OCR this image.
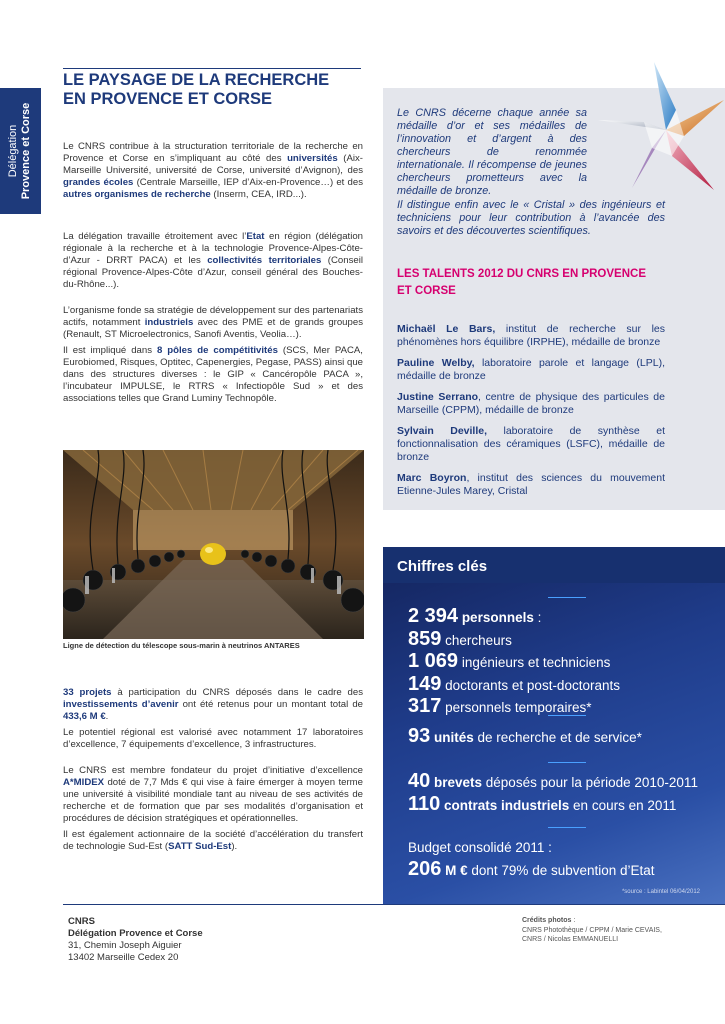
Délégation Provence et Corse
LE PAYSAGE DE LA RECHERCHE
EN PROVENCE ET CORSE

Le CNRS contribue à la structuration territoriale de la recherche en Provence et Corse en s’impliquant au côté des universités (Aix-Marseille Université, université de Corse, université d’Avignon), des grandes écoles (Centrale Marseille, IEP d’Aix-en-Provence…) et des autres organismes de recherche (Inserm, CEA, IRD...).

La délégation travaille étroitement avec l’Etat en région (délégation régionale à la recherche et à la technologie Provence-Alpes-Côte-d’Azur - DRRT PACA) et les collectivités territoriales (Conseil régional Provence-Alpes-Côte d’Azur, conseil général des Bouches-du-Rhône...).

L’organisme fonde sa stratégie de développement sur des partenariats actifs, notamment industriels avec des PME et de grands groupes (Renault, ST Microelectronics, Sanofi Aventis, Veolia…).

Il est impliqué dans 8 pôles de compétitivités (SCS, Mer PACA, Eurobiomed, Risques, Optitec, Capenergies, Pegase, PASS) ainsi que dans des structures diverses : le GIP « Cancéropôle PACA », l’incubateur IMPULSE, le RTRS « Infectiopôle Sud » et des associations telles que Grand Luminy Technopôle.

Ligne de détection du télescope sous-marin à neutrinos ANTARES

33 projets à participation du CNRS déposés dans le cadre des investissements d’avenir ont été retenus pour un montant total de 433,6 M €.

Le potentiel régional est valorisé avec notamment 17 laboratoires d’excellence, 7 équipements d’excellence, 3 infrastructures.

Le CNRS est membre fondateur du projet d’initiative d’excellence A*MIDEX doté de 7,7 Mds € qui vise à faire émerger à moyen terme une université à visibilité mondiale tant au niveau de ses activités de recherche et de formation que par ses modalités d’organisation et procédures de décision stratégiques et opérationnelles.

Il est également actionnaire de la société d’accélération du transfert de technologie Sud-Est (SATT Sud-Est).

Le CNRS décerne chaque année sa médaille d’or et ses médailles de l’innovation et d’argent à des chercheurs de renommée internationale. Il récompense de jeunes chercheurs prometteurs avec la médaille de bronze.

Il distingue enfin avec le « Cristal » des ingénieurs et techniciens pour leur contribution à l’avancée des savoirs et des découvertes scientifiques.

LES TALENTS 2012 DU CNRS EN PROVENCE
ET CORSE
Michaël Le Bars, institut de recherche sur les phénomènes hors équilibre (IRPHE), médaille de bronze
Pauline Welby, laboratoire parole et langage (LPL), médaille de bronze
Justine Serrano, centre de physique des particules de Marseille (CPPM), médaille de bronze
Sylvain Deville, laboratoire de synthèse et fonctionnalisation des céramiques (LSFC), médaille de bronze
Marc Boyron, institut des sciences du mouvement Etienne-Jules Marey, Cristal
Chiffres clés
2 394 personnels :
859 chercheurs
1 069 ingénieurs et techniciens
149 doctorants et post-doctorants
317 personnels temporaires*
93 unités de recherche et de service*
40 brevets déposés pour la période 2010-2011
110 contrats industriels en cours en 2011
Budget consolidé 2011 :
206 M € dont 79% de subvention d’Etat
*source : Labintel 06/04/2012
CNRS
Délégation Provence et Corse
31, Chemin Joseph Aiguier
13402 Marseille Cedex 20
Crédits photos :
CNRS Photothèque / CPPM / Marie CEVAIS,
CNRS / Nicolas EMMANUELLI
